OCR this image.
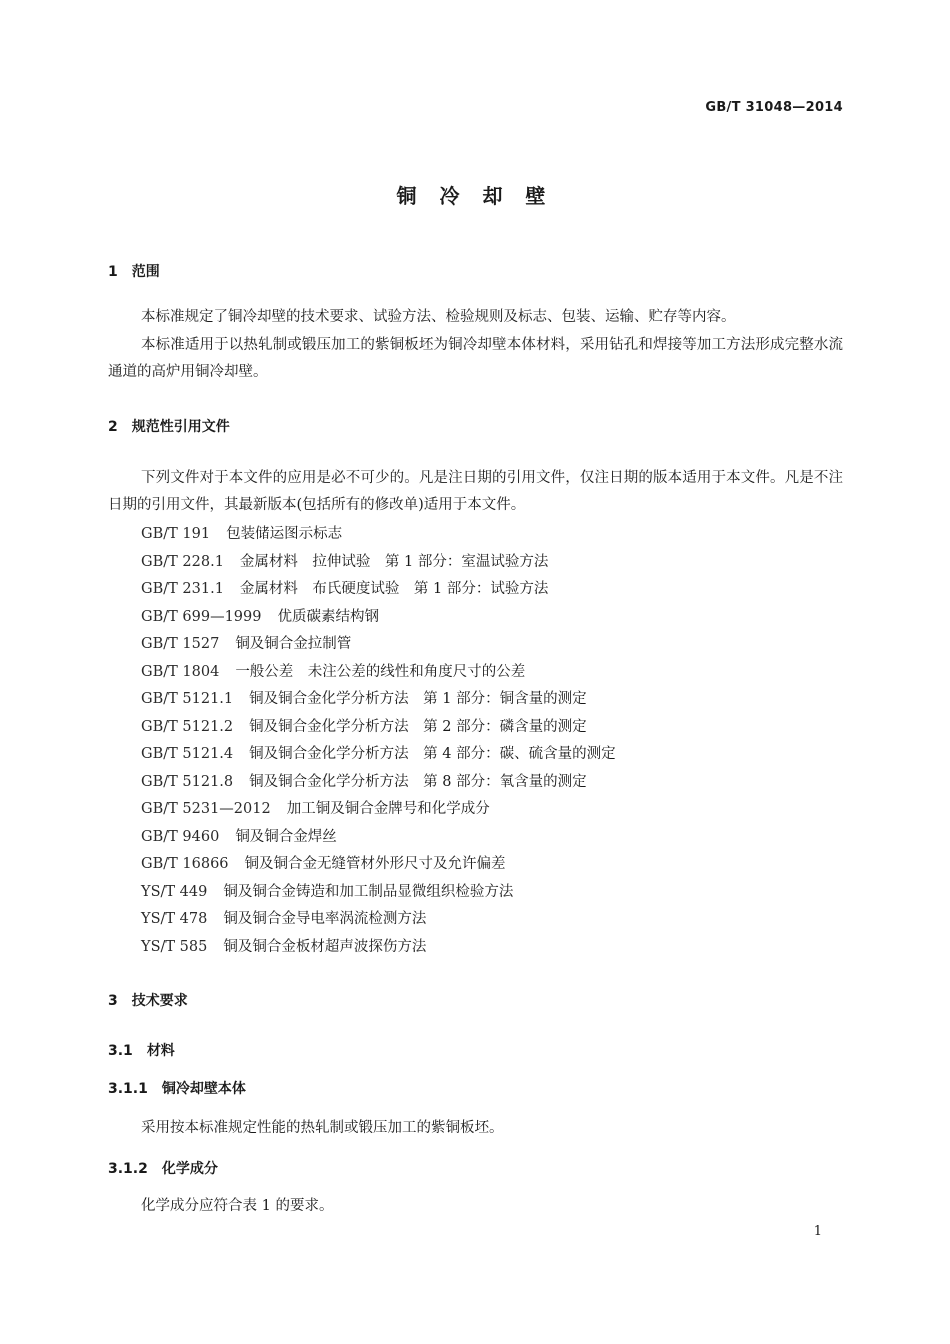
GB/T 31048—2014
铜 冷 却 壁
1 范围

本标准规定了铜冷却壁的技术要求、试验方法、检验规则及标志、包装、运输、贮存等内容。

本标准适用于以热轧制或锻压加工的紫铜板坯为铜冷却壁本体材料，采用钻孔和焊接等加工方法形成完整水流通道的高炉用铜冷却壁。

2 规范性引用文件

下列文件对于本文件的应用是必不可少的。凡是注日期的引用文件，仅注日期的版本适用于本文件。凡是不注日期的引用文件，其最新版本(包括所有的修改单)适用于本文件。

GB/T 191 包装储运图示标志
GB/T 228.1 金属材料　拉伸试验　第 1 部分：室温试验方法
GB/T 231.1 金属材料　布氏硬度试验　第 1 部分：试验方法
GB/T 699—1999 优质碳素结构钢
GB/T 1527 铜及铜合金拉制管
GB/T 1804 一般公差　未注公差的线性和角度尺寸的公差
GB/T 5121.1 铜及铜合金化学分析方法　第 1 部分：铜含量的测定
GB/T 5121.2 铜及铜合金化学分析方法　第 2 部分：磷含量的测定
GB/T 5121.4 铜及铜合金化学分析方法　第 4 部分：碳、硫含量的测定
GB/T 5121.8 铜及铜合金化学分析方法　第 8 部分：氧含量的测定
GB/T 5231—2012 加工铜及铜合金牌号和化学成分
GB/T 9460 铜及铜合金焊丝
GB/T 16866 铜及铜合金无缝管材外形尺寸及允许偏差
YS/T 449 铜及铜合金铸造和加工制品显微组织检验方法
YS/T 478 铜及铜合金导电率涡流检测方法
YS/T 585 铜及铜合金板材超声波探伤方法
3 技术要求
3.1 材料
3.1.1 铜冷却壁本体

采用按本标准规定性能的热轧制或锻压加工的紫铜板坯。

3.1.2 化学成分

化学成分应符合表 1 的要求。

1
